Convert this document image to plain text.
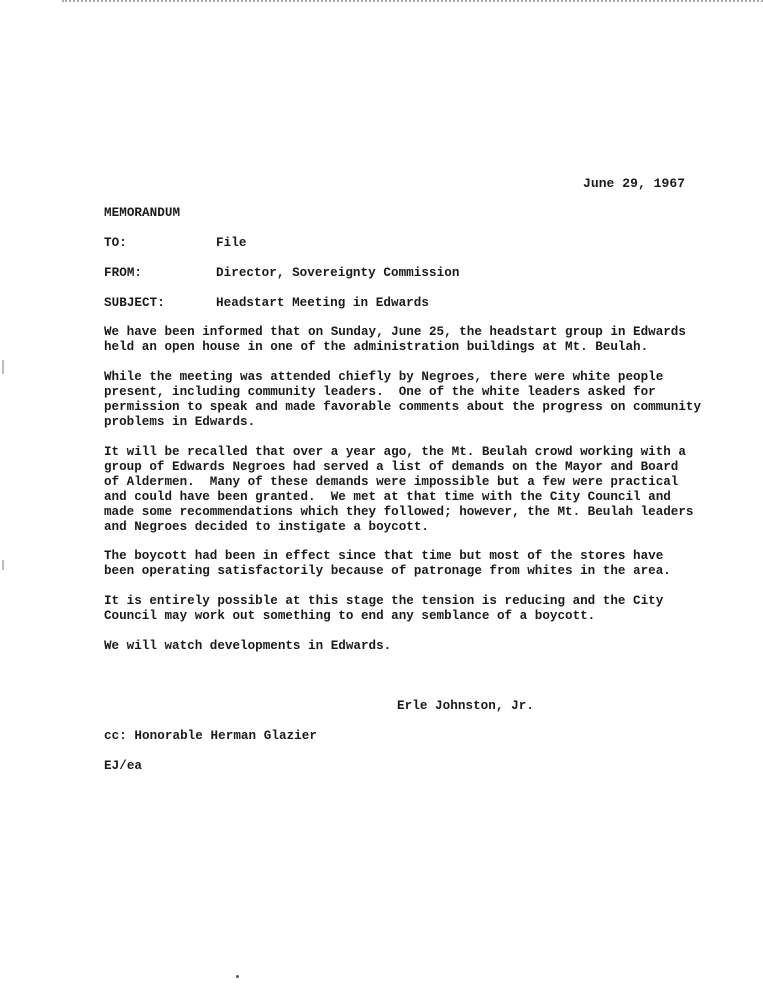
June 29, 1967
MEMORANDUM
TO:	File
FROM:	Director, Sovereignty Commission
SUBJECT:	Headstart Meeting in Edwards

We have been informed that on Sunday, June 25, the headstart group in Edwards
held an open house in one of the administration buildings at Mt. Beulah.

While the meeting was attended chiefly by Negroes, there were white people
present, including community leaders.  One of the white leaders asked for
permission to speak and made favorable comments about the progress on community
problems in Edwards.

It will be recalled that over a year ago, the Mt. Beulah crowd working with a
group of Edwards Negroes had served a list of demands on the Mayor and Board
of Aldermen.  Many of these demands were impossible but a few were practical
and could have been granted.  We met at that time with the City Council and
made some recommendations which they followed; however, the Mt. Beulah leaders
and Negroes decided to instigate a boycott.

The boycott had been in effect since that time but most of the stores have
been operating satisfactorily because of patronage from whites in the area.

It is entirely possible at this stage the tension is reducing and the City
Council may work out something to end any semblance of a boycott.

We will watch developments in Edwards.

Erle Johnston, Jr.
cc: Honorable Herman Glazier
EJ/ea
